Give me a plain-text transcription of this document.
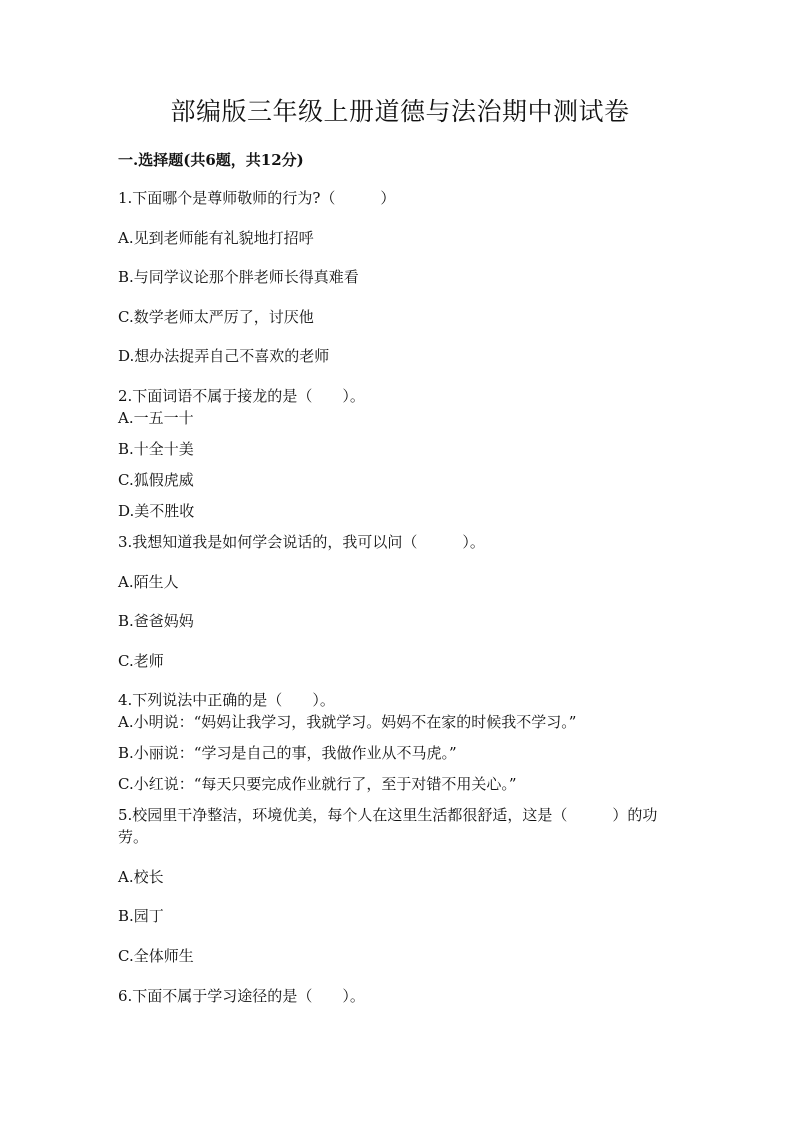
部编版三年级上册道德与法治期中测试卷
一.选择题(共6题，共12分)
1.下面哪个是尊师敬师的行为?（　　　）
A.见到老师能有礼貌地打招呼
B.与同学议论那个胖老师长得真难看
C.数学老师太严厉了，讨厌他
D.想办法捉弄自己不喜欢的老师
2.下面词语不属于接龙的是（　　）。
A.一五一十
B.十全十美
C.狐假虎威
D.美不胜收
3.我想知道我是如何学会说话的，我可以问（　　　）。
A.陌生人
B.爸爸妈妈
C.老师
4.下列说法中正确的是（　　）。
A.小明说：“妈妈让我学习，我就学习。妈妈不在家的时候我不学习。”
B.小丽说：“学习是自己的事，我做作业从不马虎。”
C.小红说：“每天只要完成作业就行了，至于对错不用关心。”
5.校园里干净整洁，环境优美，每个人在这里生活都很舒适，这是（　　　）的功劳。
A.校长
B.园丁
C.全体师生
6.下面不属于学习途径的是（　　）。
